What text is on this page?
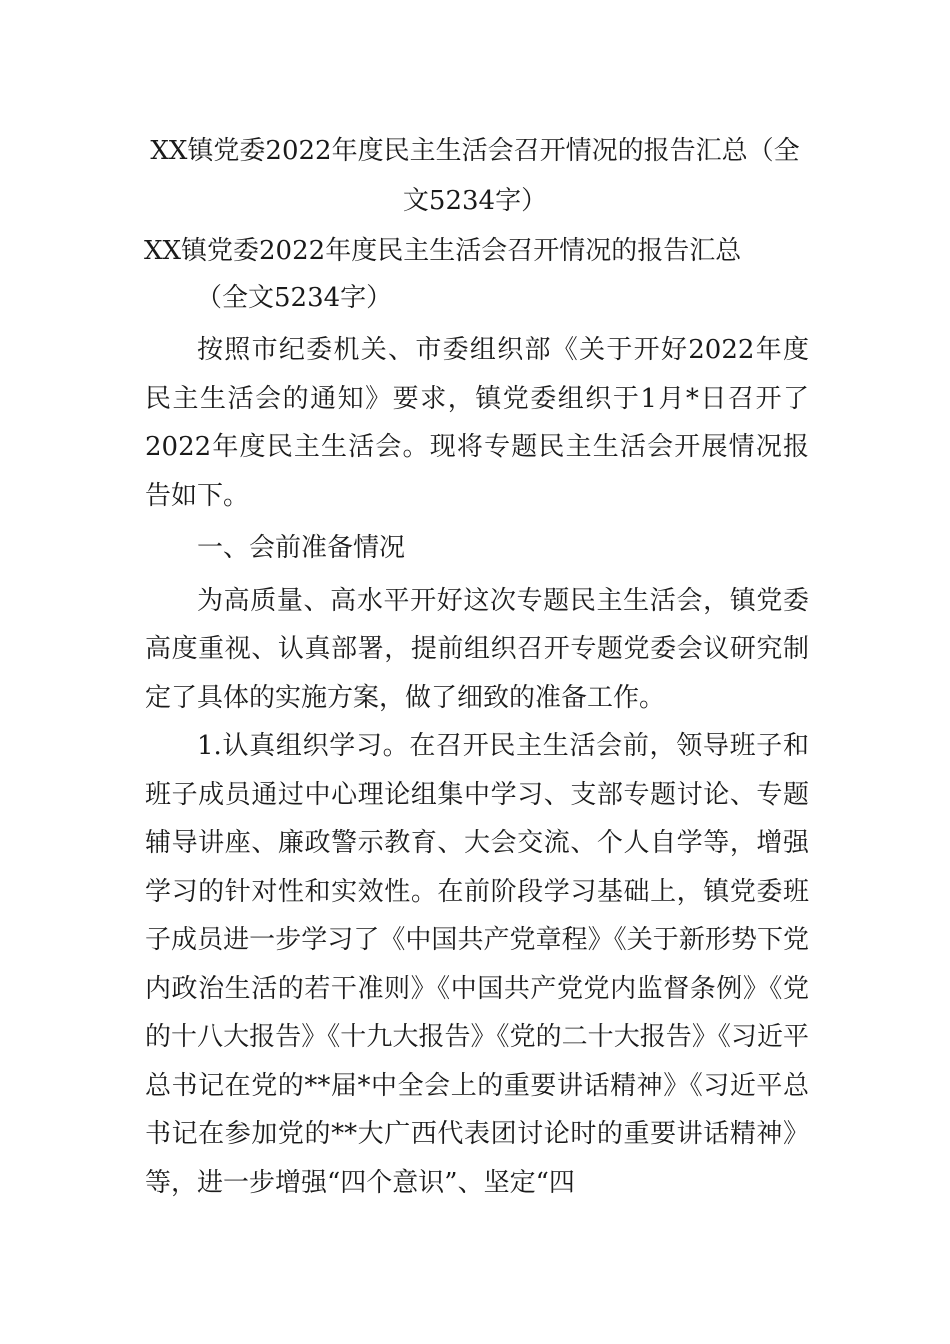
XX镇党委2022年度民主生活会召开情况的报告汇总（全文5234字）
XX镇党委2022年度民主生活会召开情况的报告汇总
（全文5234字）

按照市纪委机关、市委组织部《关于开好2022年度民主生活会的通知》要求，镇党委组织于1月*日召开了2022年度民主生活会。现将专题民主生活会开展情况报告如下。

一、会前准备情况

为高质量、高水平开好这次专题民主生活会，镇党委高度重视、认真部署，提前组织召开专题党委会议研究制定了具体的实施方案，做了细致的准备工作。

1.认真组织学习。在召开民主生活会前，领导班子和班子成员通过中心理论组集中学习、支部专题讨论、专题辅导讲座、廉政警示教育、大会交流、个人自学等，增强学习的针对性和实效性。在前阶段学习基础上，镇党委班子成员进一步学习了《中国共产党章程》《关于新形势下党内政治生活的若干准则》《中国共产党党内监督条例》《党的十八大报告》《十九大报告》《党的二十大报告》《习近平总书记在党的**届*中全会上的重要讲话精神》《习近平总书记在参加党的**大广西代表团讨论时的重要讲话精神》等，进一步增强“四个意识”、坚定“四
